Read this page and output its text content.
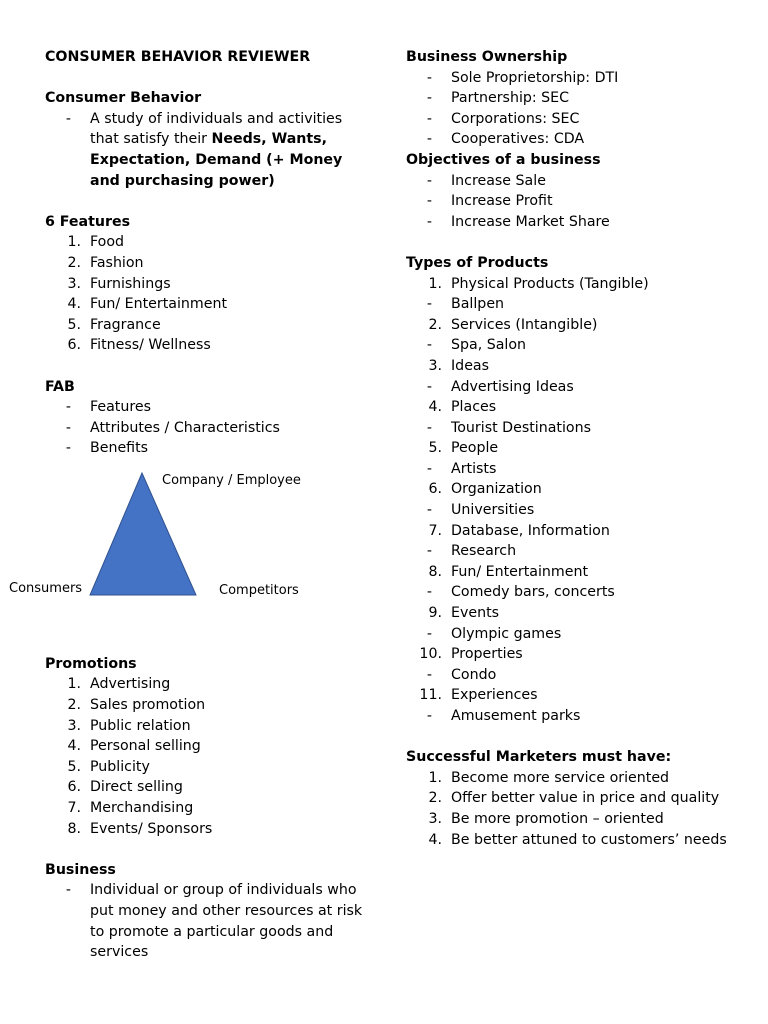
CONSUMER BEHAVIOR REVIEWER
Consumer Behavior
- A study of individuals and activities that satisfy their Needs, Wants, Expectation, Demand (+ Money and purchasing power)
6 Features
1. Food
2. Fashion
3. Furnishings
4. Fun/ Entertainment
5. Fragrance
6. Fitness/ Wellness
FAB
- Features
- Attributes / Characteristics
- Benefits
Company / Employee
Consumers	Competitors
Promotions
1. Advertising
2. Sales promotion
3. Public relation
4. Personal selling
5. Publicity
6. Direct selling
7. Merchandising
8. Events/ Sponsors
Business
- Individual or group of individuals who put money and other resources at risk to promote a particular goods and services
Business Ownership
- Sole Proprietorship: DTI
- Partnership: SEC
- Corporations: SEC
- Cooperatives: CDA
Objectives of a business
- Increase Sale
- Increase Profit
- Increase Market Share
Types of Products
1. Physical Products (Tangible)
- Ballpen
2. Services (Intangible)
- Spa, Salon
3. Ideas
- Advertising Ideas
4. Places
- Tourist Destinations
5. People
- Artists
6. Organization
- Universities
7. Database, Information
- Research
8. Fun/ Entertainment
- Comedy bars, concerts
9. Events
- Olympic games
10. Properties
- Condo
11. Experiences
- Amusement parks
Successful Marketers must have:
1. Become more service oriented
2. Offer better value in price and quality
3. Be more promotion – oriented
4. Be better attuned to customers’ needs
